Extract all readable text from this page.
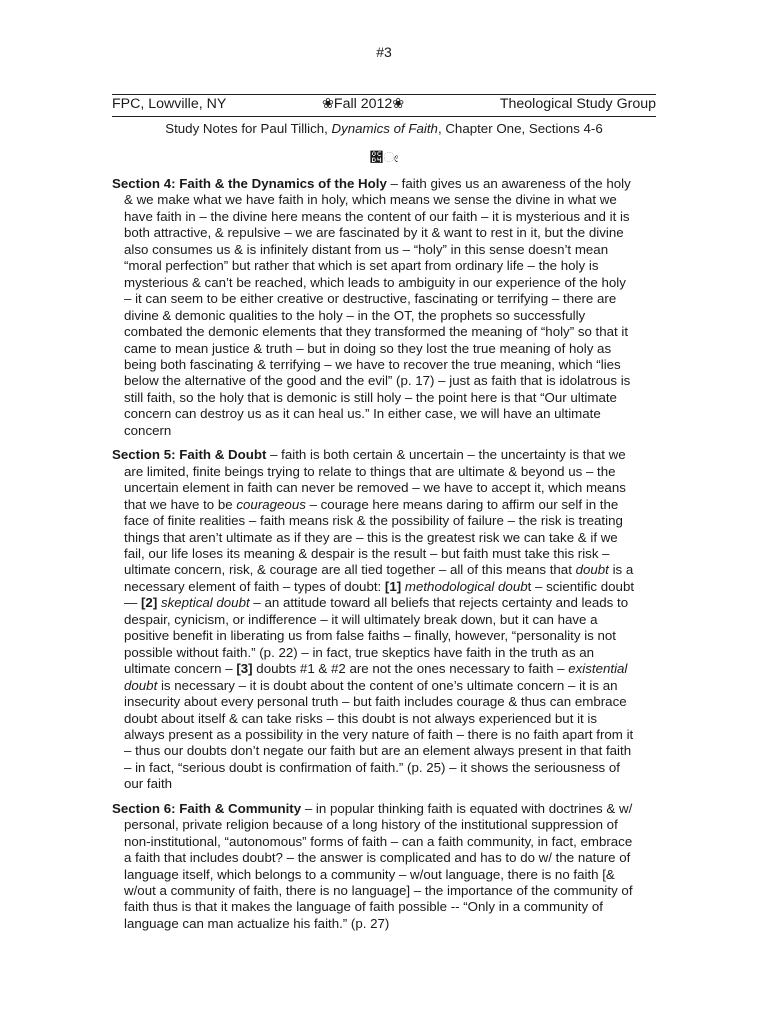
#3
FPC, Lowville, NY	❀Fall 2012❀	Theological Study Group
Study Notes for Paul Tillich, Dynamics of Faith, Chapter One, Sections 4-6
೔ೕ
Section 4: Faith & the Dynamics of the Holy – faith gives us an awareness of the holy
& we make what we have faith in holy, which means we sense the divine in what we
have faith in – the divine here means the content of our faith – it is mysterious and it is
both attractive, & repulsive – we are fascinated by it & want to rest in it, but the divine
also consumes us & is infinitely distant from us – “holy” in this sense doesn’t mean
“moral perfection” but rather that which is set apart from ordinary life – the holy is
mysterious & can’t be reached, which leads to ambiguity in our experience of the holy
– it can seem to be either creative or destructive, fascinating or terrifying – there are
divine & demonic qualities to the holy – in the OT, the prophets so successfully
combated the demonic elements that they transformed the meaning of “holy” so that it
came to mean justice & truth – but in doing so they lost the true meaning of holy as
being both fascinating & terrifying – we have to recover the true meaning, which “lies
below the alternative of the good and the evil” (p. 17) – just as faith that is idolatrous is
still faith, so the holy that is demonic is still holy – the point here is that “Our ultimate
concern can destroy us as it can heal us.” In either case, we will have an ultimate
concern
Section 5: Faith & Doubt – faith is both certain & uncertain – the uncertainty is that we
are limited, finite beings trying to relate to things that are ultimate & beyond us – the
uncertain element in faith can never be removed – we have to accept it, which means
that we have to be courageous – courage here means daring to affirm our self in the
face of finite realities – faith means risk & the possibility of failure – the risk is treating
things that aren’t ultimate as if they are – this is the greatest risk we can take & if we
fail, our life loses its meaning & despair is the result – but faith must take this risk –
ultimate concern, risk, & courage are all tied together – all of this means that doubt is a
necessary element of faith – types of doubt: [1] methodological doubt – scientific doubt
— [2] skeptical doubt – an attitude toward all beliefs that rejects certainty and leads to
despair, cynicism, or indifference – it will ultimately break down, but it can have a
positive benefit in liberating us from false faiths – finally, however, “personality is not
possible without faith.” (p. 22) – in fact, true skeptics have faith in the truth as an
ultimate concern – [3] doubts #1 & #2 are not the ones necessary to faith – existential
doubt is necessary – it is doubt about the content of one’s ultimate concern – it is an
insecurity about every personal truth – but faith includes courage & thus can embrace
doubt about itself & can take risks – this doubt is not always experienced but it is
always present as a possibility in the very nature of faith – there is no faith apart from it
– thus our doubts don’t negate our faith but are an element always present in that faith
– in fact, “serious doubt is confirmation of faith.” (p. 25) – it shows the seriousness of
our faith
Section 6: Faith & Community – in popular thinking faith is equated with doctrines & w/
personal, private religion because of a long history of the institutional suppression of
non-institutional, “autonomous” forms of faith – can a faith community, in fact, embrace
a faith that includes doubt? – the answer is complicated and has to do w/ the nature of
language itself, which belongs to a community – w/out language, there is no faith [&
w/out a community of faith, there is no language] – the importance of the community of
faith thus is that it makes the language of faith possible -- “Only in a community of
language can man actualize his faith.” (p. 27)
